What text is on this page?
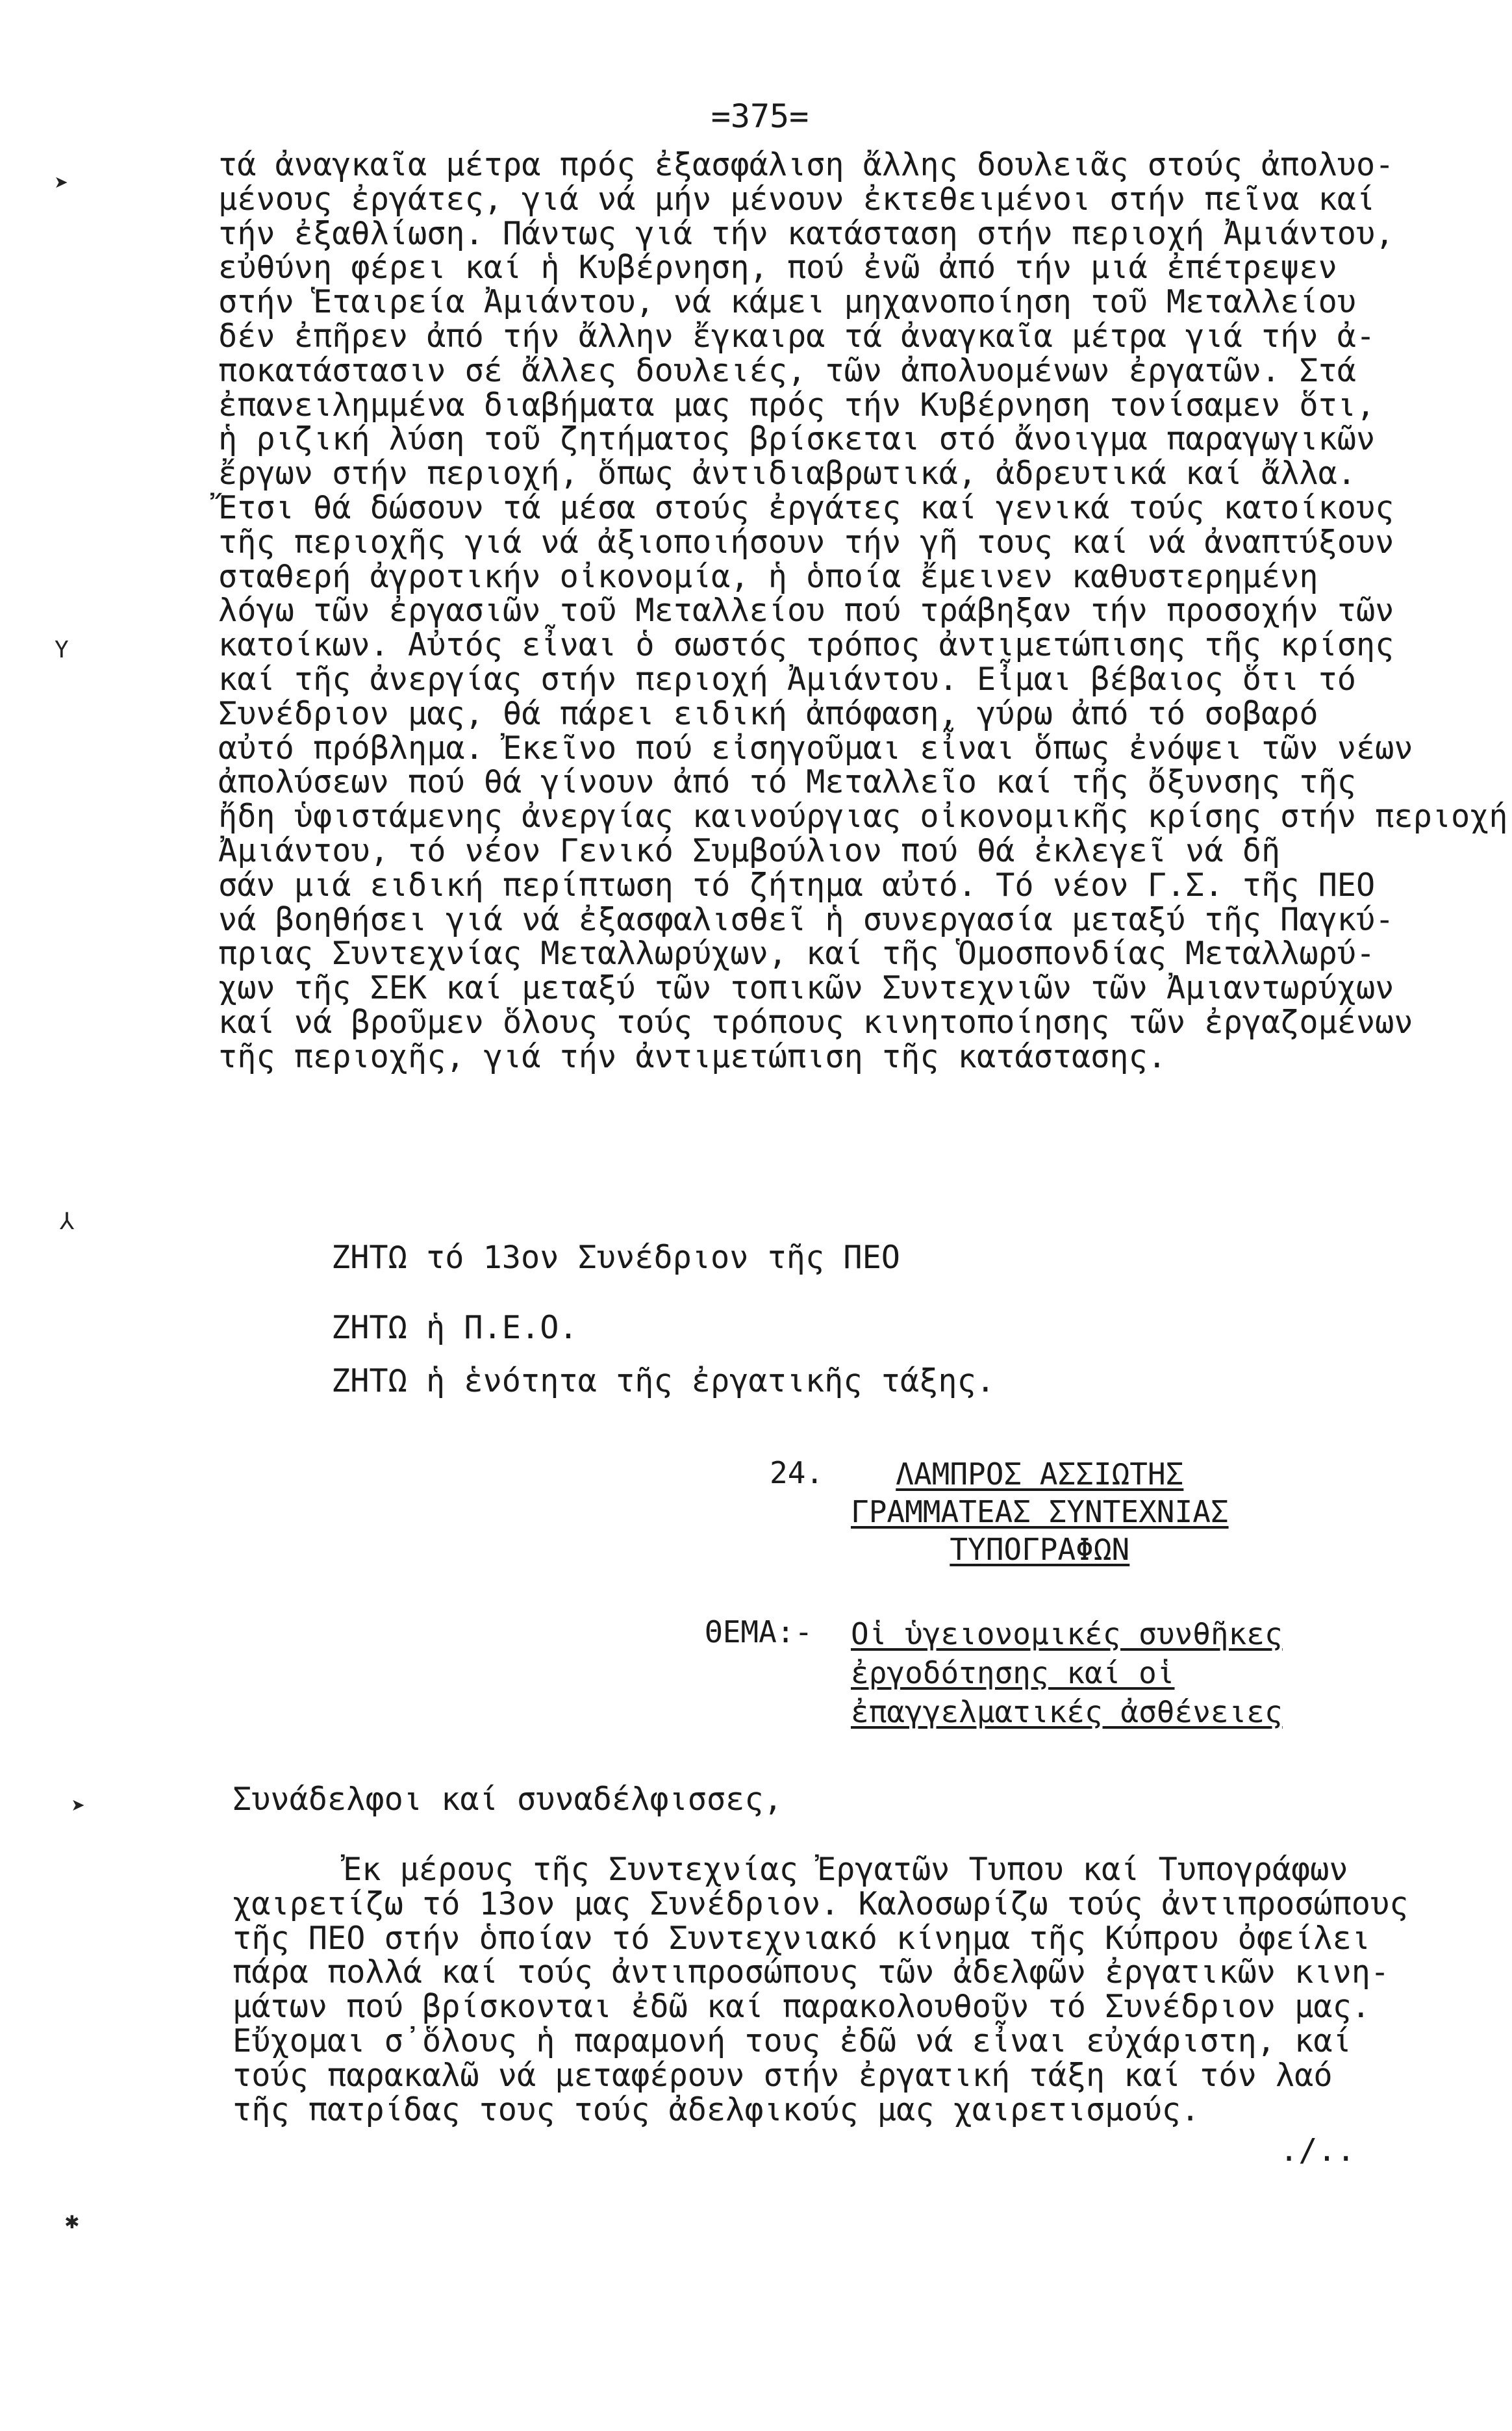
=375=
➤
Y
⅄
➤
✱
τά ἀναγκαῖα μέτρα πρός ἐξασφάλιση ἄλλης δουλειᾶς στούς ἀπολυο-
μένους ἐργάτες, γιά νά μήν μένουν ἐκτεθειμένοι στήν πεῖνα καί
τήν ἐξαθλίωση. Πάντως γιά τήν κατάσταση στήν περιοχή Ἀμιάντου,
εὐθύνη φέρει καί ἡ Κυβέρνηση, πού ἐνῶ ἀπό τήν μιά ἐπέτρεψεν
στήν Ἑταιρεία Ἀμιάντου, νά κάμει μηχανοποίηση τοῦ Μεταλλείου
δέν ἐπῆρεν ἀπό τήν ἄλλην ἔγκαιρα τά ἀναγκαῖα μέτρα γιά τήν ἀ-
ποκατάστασιν σέ ἄλλες δουλειές, τῶν ἀπολυομένων ἐργατῶν. Στά
ἐπανειλημμένα διαβήματα μας πρός τήν Κυβέρνηση τονίσαμεν ὅτι,
ἡ ριζική λύση τοῦ ζητήματος βρίσκεται στό ἄνοιγμα παραγωγικῶν
ἔργων στήν περιοχή, ὅπως ἀντιδιαβρωτικά, ἀδρευτικά καί ἄλλα.
Ἔτσι θά δώσουν τά μέσα στούς ἐργάτες καί γενικά τούς κατοίκους
τῆς περιοχῆς γιά νά ἀξιοποιήσουν τήν γῆ τους καί νά ἀναπτύξουν
σταθερή ἀγροτικήν οἰκονομία, ἡ ὁποία ἔμεινεν καθυστερημένη
λόγω τῶν ἐργασιῶν τοῦ Μεταλλείου πού τράβηξαν τήν προσοχήν τῶν
κατοίκων. Αὐτός εἶναι ὁ σωστός τρόπος ἀντιμετώπισης τῆς κρίσης
καί τῆς ἀνεργίας στήν περιοχή Ἀμιάντου. Εἶμαι βέβαιος ὅτι τό
Συνέδριον μας, θά πάρει ειδική ἀπόφαση, γύρω ἀπό τό σοβαρό
αὐτό πρόβλημα. Ἐκεῖνο πού εἰσηγοῦμαι εἶναι ὅπως ἐνόψει τῶν νέων
ἀπολύσεων πού θά γίνουν ἀπό τό Μεταλλεῖο καί τῆς ὄξυνσης τῆς
ἤδη ὑφιστάμενης ἀνεργίας καινούργιας οἰκονομικῆς κρίσης στήν περιοχή
Ἀμιάντου, τό νέον Γενικό Συμβούλιον πού θά ἐκλεγεῖ νά δῆ
σάν μιά ειδική περίπτωση τό ζήτημα αὐτό. Τό νέον Γ.Σ. τῆς ΠΕΟ
νά βοηθήσει γιά νά ἐξασφαλισθεῖ ἡ συνεργασία μεταξύ τῆς Παγκύ-
πριας Συντεχνίας Μεταλλωρύχων, καί τῆς Ὁμοσπονδίας Μεταλλωρύ-
χων τῆς ΣΕΚ καί μεταξύ τῶν τοπικῶν Συντεχνιῶν τῶν Ἀμιαντωρύχων
καί νά βροῦμεν ὅλους τούς τρόπους κινητοποίησης τῶν ἐργαζομένων
τῆς περιοχῆς, γιά τήν ἀντιμετώπιση τῆς κατάστασης.
ΖΗΤΩ τό 13ον Συνέδριον τῆς ΠΕΟ
ΖΗΤΩ ἡ Π.Ε.Ο.
ΖΗΤΩ ἡ ἑνότητα τῆς ἐργατικῆς τάξης.
24.	ΛΑΜΠΡΟΣ ΑΣΣΙΩΤΗΣ
ΓΡΑΜΜΑΤΕΑΣ ΣΥΝΤΕΧΝΙΑΣ
ΤΥΠΟΓΡΑΦΩΝ
ΘΕΜΑ:- Οἱ ὑγειονομικές συνθῆκες
ἐργοδότησης καί οἱ
ἐπαγγελματικές ἀσθένειες
Συνάδελφοι καί συναδέλφισσες,
Ἐκ μέρους τῆς Συντεχνίας Ἐργατῶν Τυπου καί Τυπογράφων
χαιρετίζω τό 13ον μας Συνέδριον. Καλοσωρίζω τούς ἀντιπροσώπους
τῆς ΠΕΟ στήν ὁποίαν τό Συντεχνιακό κίνημα τῆς Κύπρου ὀφείλει
πάρα πολλά καί τούς ἀντιπροσώπους τῶν ἀδελφῶν ἐργατικῶν κινη-
μάτων πού βρίσκονται ἐδῶ καί παρακολουθοῦν τό Συνέδριον μας.
Εὔχομαι σ᾽ὅλους ἡ παραμονή τους ἐδῶ νά εἶναι εὐχάριστη, καί
τούς παρακαλῶ νά μεταφέρουν στήν ἐργατική τάξη καί τόν λαό
τῆς πατρίδας τους τούς ἀδελφικούς μας χαιρετισμούς.
./..
